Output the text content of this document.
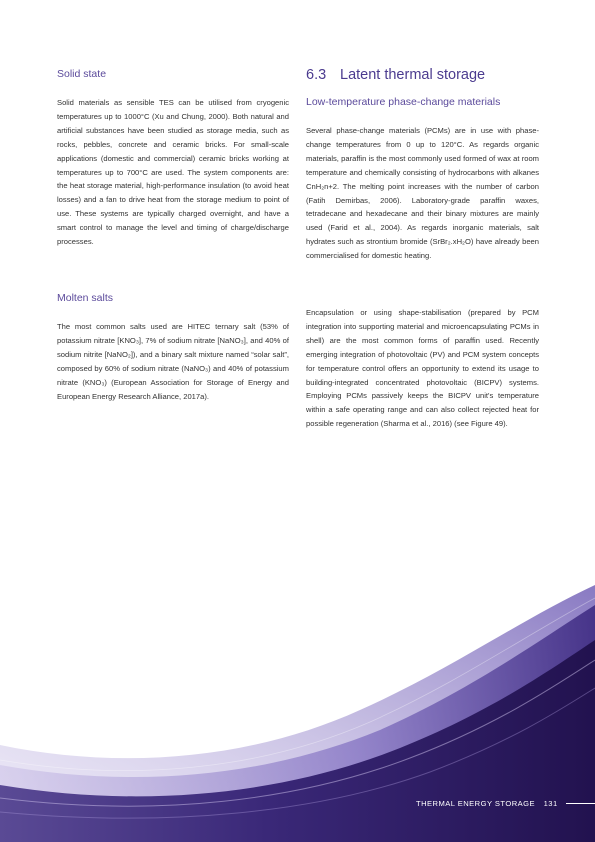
Solid state

Solid materials as sensible TES can be utilised from cryogenic temperatures up to 1000°C (Xu and Chung, 2000). Both natural and artificial substances have been studied as storage media, such as rocks, pebbles, concrete and ceramic bricks. For small-scale applications (domestic and commercial) ceramic bricks working at temperatures up to 700°C are used. The system components are: the heat storage material, high-performance insulation (to avoid heat losses) and a fan to drive heat from the storage medium to point of use. These systems are typically charged overnight, and have a smart control to manage the level and timing of charge/discharge processes.

Molten salts

The most common salts used are HITEC ternary salt (53% of potassium nitrate [KNO₃], 7% of sodium nitrate [NaNO₃], and 40% of sodium nitrite [NaNO₂]), and a binary salt mixture named “solar salt”, composed by 60% of sodium nitrate (NaNO₃) and 40% of potassium nitrate (KNO₃) (European Association for Storage of Energy and European Energy Research Alliance, 2017a).

6.3 Latent thermal storage
Low-temperature phase-change materials

Several phase-change materials (PCMs) are in use with phase-change temperatures from 0 up to 120°C. As regards organic materials, paraffin is the most commonly used formed of wax at room temperature and chemically consisting of hydrocarbons with alkanes CnH₂n+2. The melting point increases with the number of carbon (Fatih Demirbas, 2006). Laboratory-grade paraffin waxes, tetradecane and hexadecane and their binary mixtures are mainly used (Farid et al., 2004). As regards inorganic materials, salt hydrates such as strontium bromide (SrBr₂.xH₂O) have already been commercialised for domestic heating.

Encapsulation or using shape-stabilisation (prepared by PCM integration into supporting material and microencapsulating PCMs in shell) are the most common forms of paraffin used. Recently emerging integration of photovoltaic (PV) and PCM system concepts for temperature control offers an opportunity to extend its usage to building-integrated concentrated photovoltaic (BICPV) systems. Employing PCMs passively keeps the BICPV unit's temperature within a safe operating range and can also collect rejected heat for possible regeneration (Sharma et al., 2016) (see Figure 49).

THERMAL ENERGY STORAGE 131
